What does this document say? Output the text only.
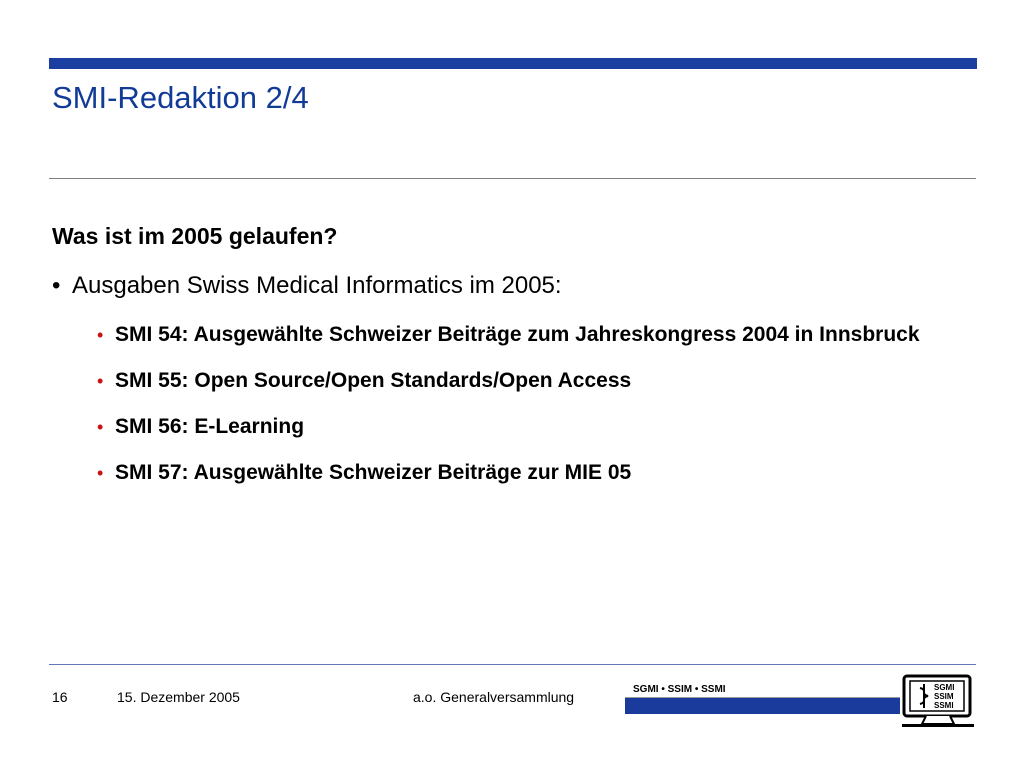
SMI-Redaktion 2/4
Was ist im 2005 gelaufen?
• Ausgaben Swiss Medical Informatics im 2005:
• SMI 54: Ausgewählte Schweizer Beiträge zum Jahreskongress 2004 in Innsbruck
• SMI 55: Open Source/Open Standards/Open Access
• SMI 56: E-Learning
• SMI 57: Ausgewählte Schweizer Beiträge zur MIE 05
16	15. Dezember 2005	a.o. Generalversammlung	SGMI • SSIM • SSMI	SGMI
SSIM
SSMI
